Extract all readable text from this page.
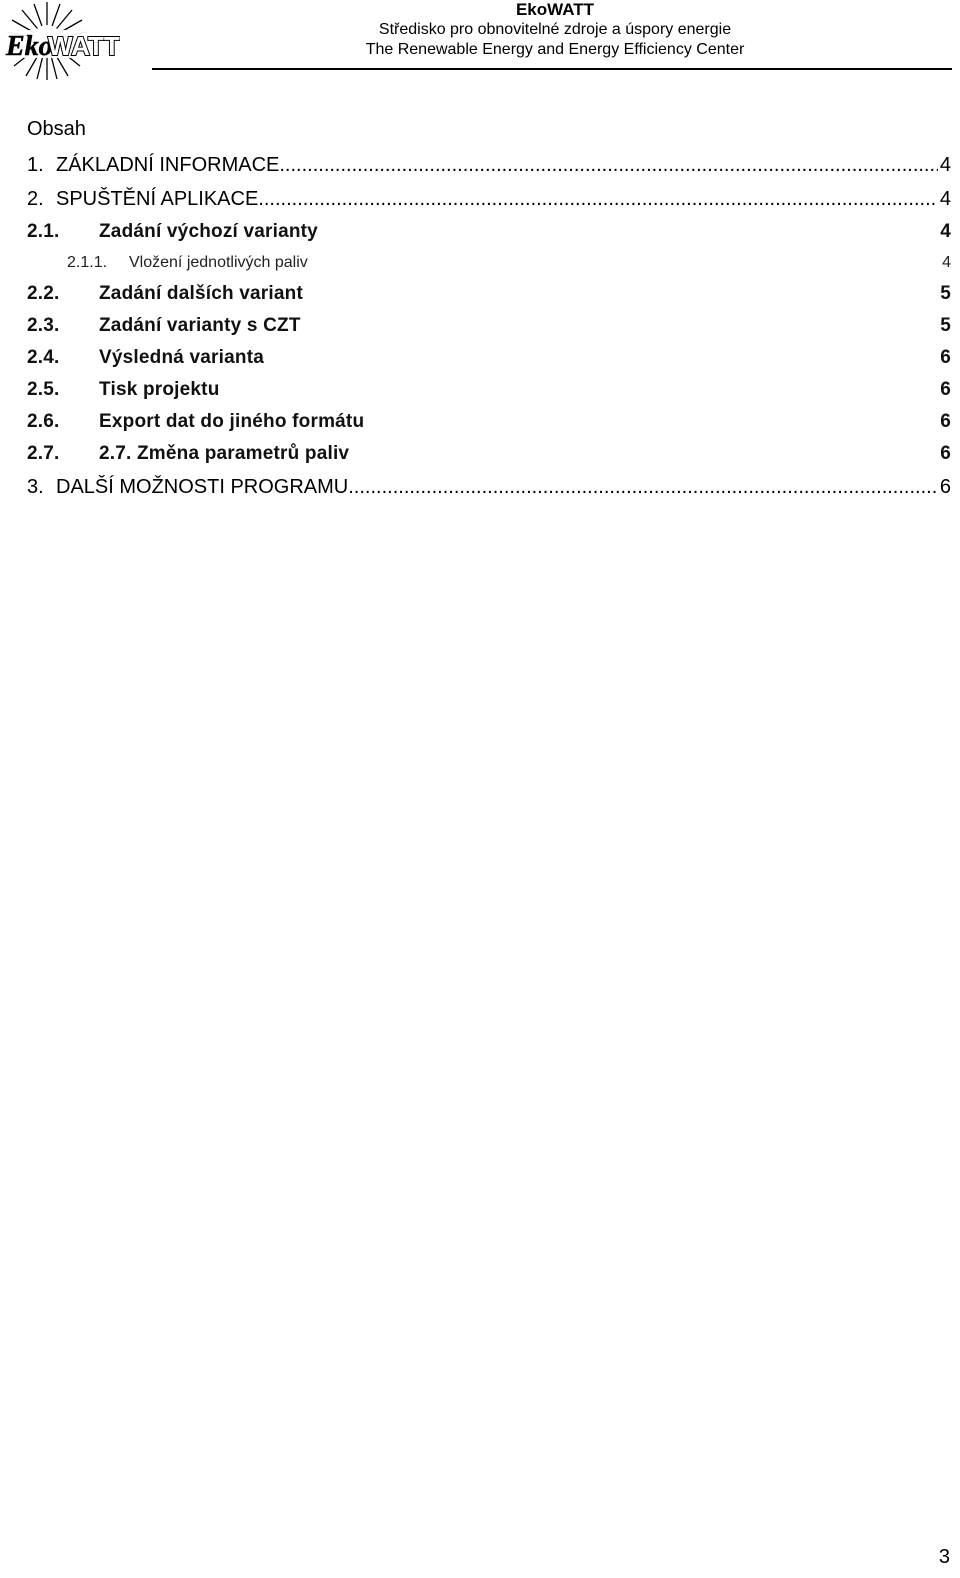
Eko
WATT
EkoWATT
Středisko pro obnovitelné zdroje a úspory energie
The Renewable Energy and Energy Efficiency Center
Obsah
1. ZÁKLADNÍ INFORMACE .....	4
2. SPUŠTĚNÍ APLIKACE .....	4
2.1.	Zadání výchozí varianty	4
2.1.1.	Vložení jednotlivých paliv	4
2.2.	Zadání dalších variant	5
2.3.	Zadání varianty s CZT	5
2.4.	Výsledná varianta	6
2.5.	Tisk projektu	6
2.6.	Export dat do jiného formátu	6
2.7.	2.7. Změna parametrů paliv	6
3. DALŠÍ MOŽNOSTI PROGRAMU .....	6
3
